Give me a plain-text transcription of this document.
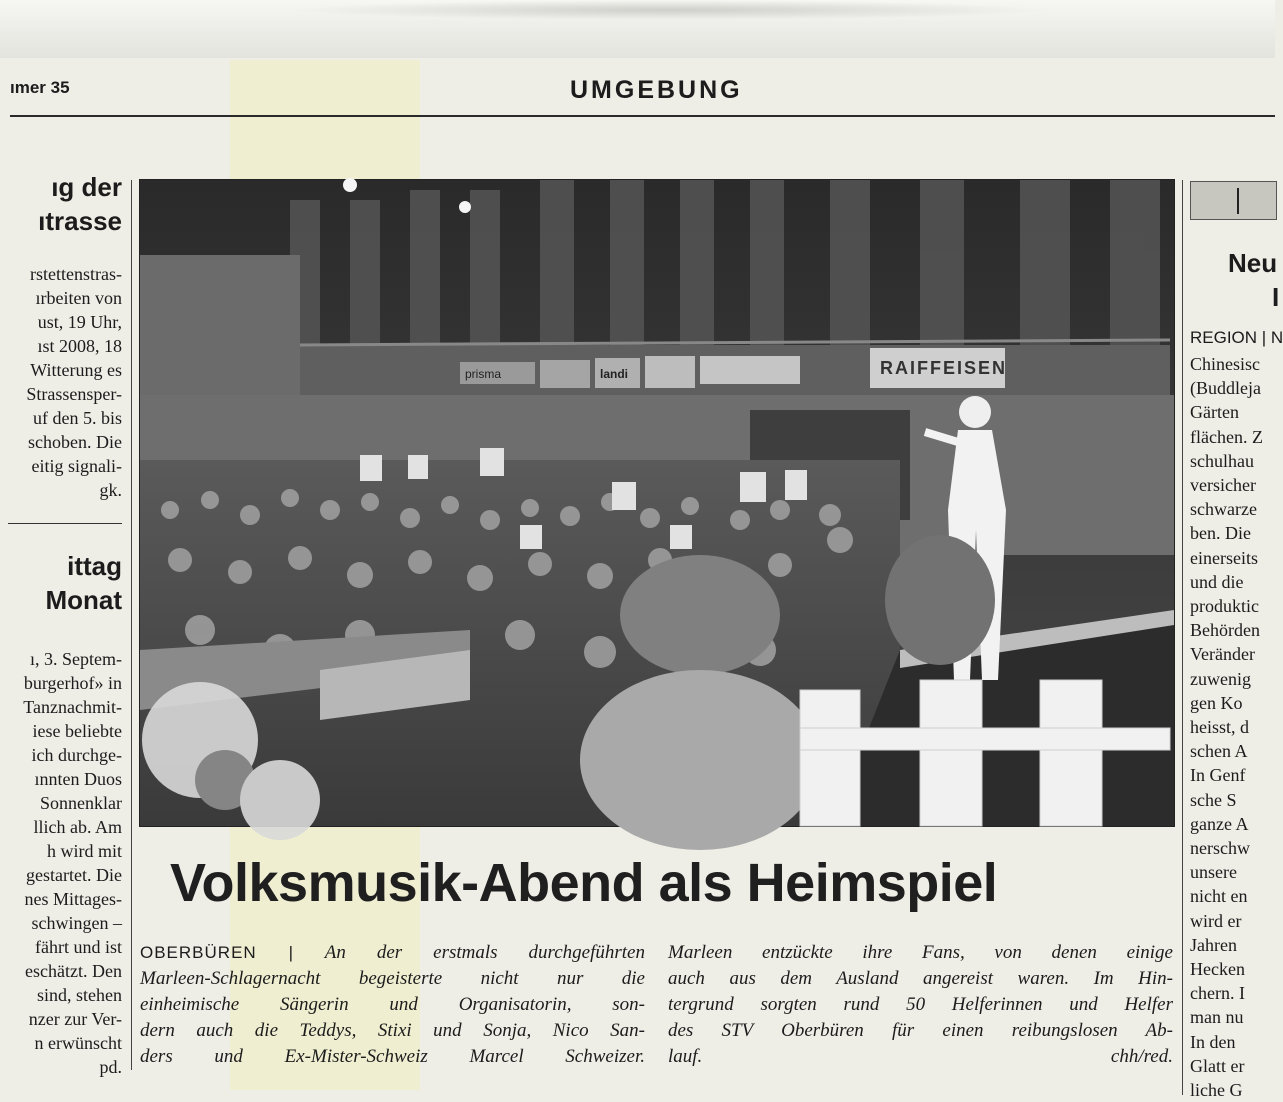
ımer 35	UMGEBUNG
ıg der
ıtrasse
rstettenstras-
ırbeiten von
ust, 19 Uhr,
ıst 2008, 18
Witterung es
Strassensper-
uf den 5. bis
schoben. Die
eitig signali-
gk.
ittag
Monat
ı, 3. Septem-
burgerhof» in
Tanznachmit-
iese beliebte
ich durchge-
ınnten Duos
Sonnenklar
llich ab. Am
h wird mit
gestartet. Die
nes Mittages-
schwingen –
fährt und ist
eschätzt. Den
sind, stehen
nzer zur Ver-
n erwünscht
pd.
prisma	landi	RAIFFEISEN
Volksmusik-Abend als Heimspiel
OBERBÜREN | An der erstmals durchgeführten
Marleen-Schlagernacht begeisterte nicht nur die
einheimische Sängerin und Organisatorin, son-
dern auch die Teddys, Stixi und Sonja, Nico San-
ders und Ex-Mister-Schweiz Marcel Schweizer.
Marleen entzückte ihre Fans, von denen einige
auch aus dem Ausland angereist waren. Im Hin-
tergrund sorgten rund 50 Helferinnen und Helfer
des STV Oberbüren für einen reibungslosen Ab-
lauf.	chh/red.
Neu
I
REGION | N
Chinesisc
(Buddleja
Gärten
flächen. Z
schulhau
versicher
schwarze
ben. Die
einerseits
und die
produktic
Behörden
Veränder
zuwenig
gen Ko
heisst, d
schen A
In Genf
sche S
ganze A
nerschw
unsere
nicht en
wird er
Jahren
Hecken
chern. I
man nu
In den
Glatt er
liche G
